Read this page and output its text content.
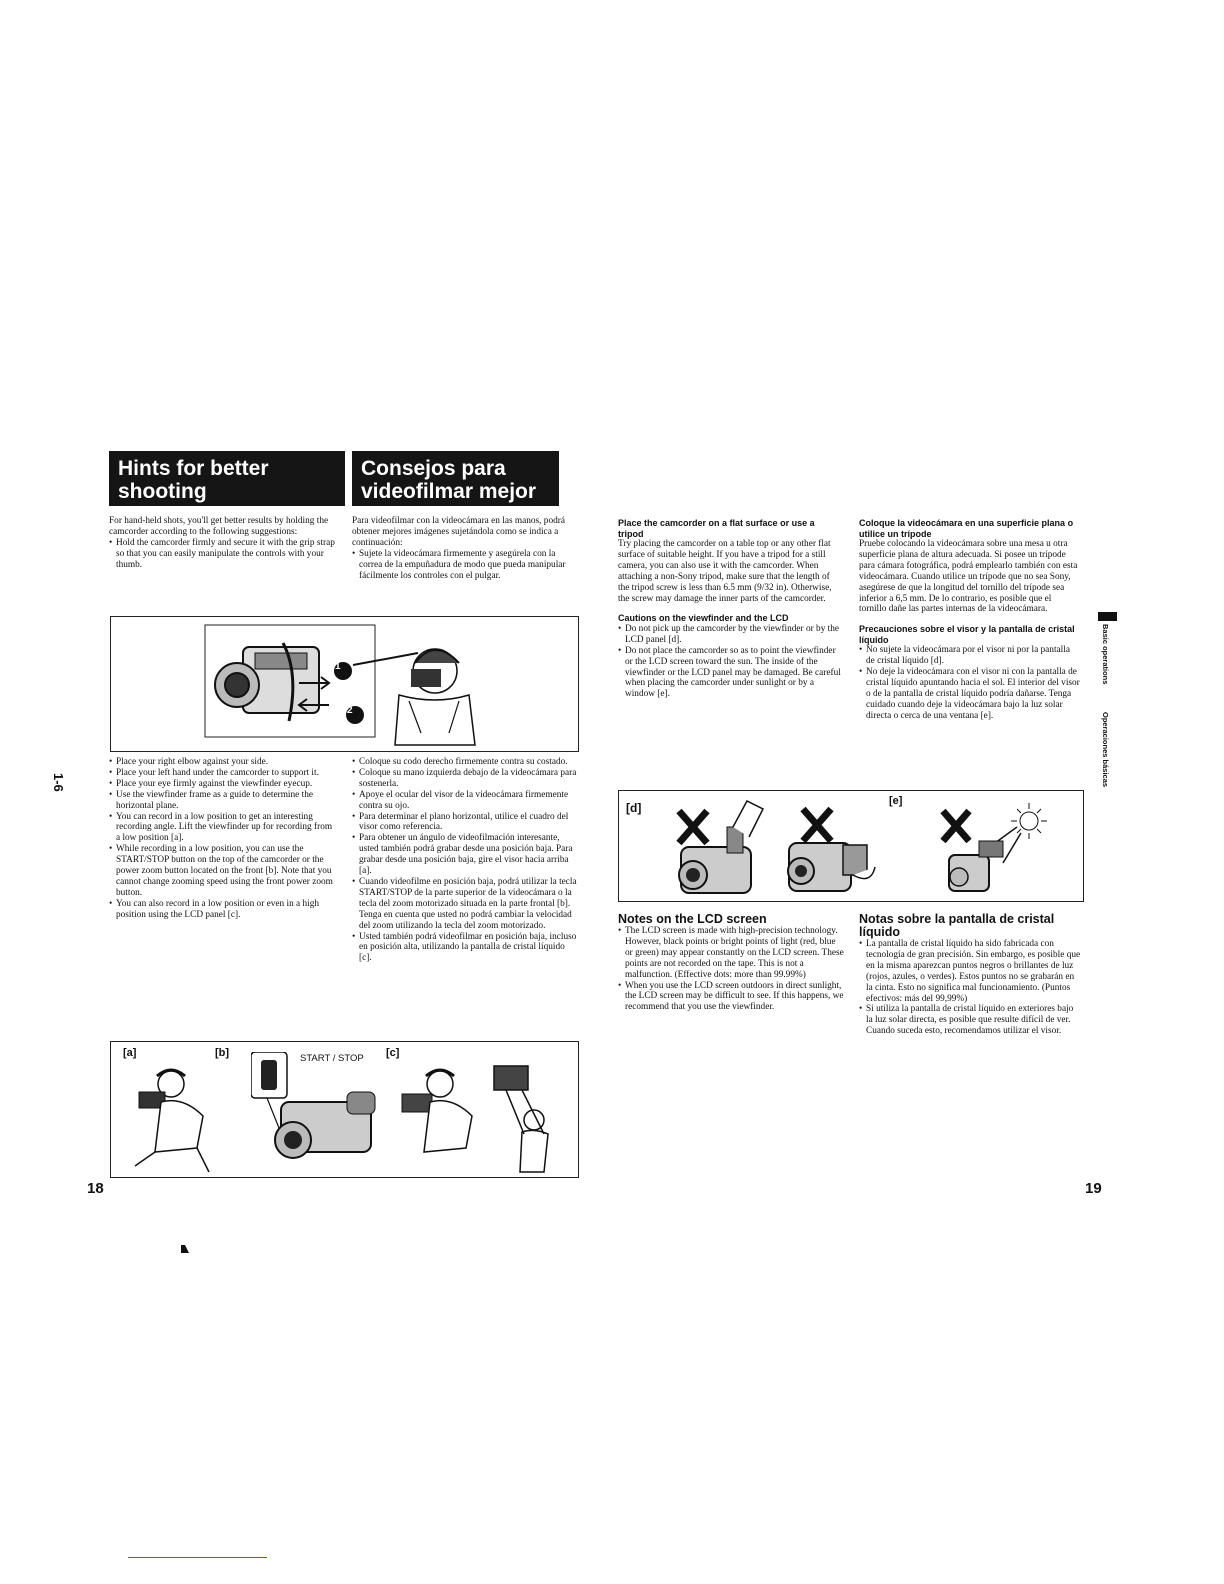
Hints for better
shooting
Consejos para
videofilmar mejor

For hand-held shots, you'll get better results by holding the camcorder according to the following suggestions:

• Hold the camcorder firmly and secure it with the grip strap so that you can easily manipulate the controls with your thumb.

Para videofilmar con la videocámara en las manos, podrá obtener mejores imágenes sujetándola como se indica a continuación:

• Sujete la videocámara firmemente y asegúrela con la correa de la empuñadura de modo que pueda manipular fácilmente los controles con el pulgar.
1
2
• Place your right elbow against your side.
• Place your left hand under the camcorder to support it.
• Place your eye firmly against the viewfinder eyecup.
• Use the viewfinder frame as a guide to determine the horizontal plane.
• You can record in a low position to get an interesting recording angle. Lift the viewfinder up for recording from a low position [a].
• While recording in a low position, you can use the START/STOP button on the top of the camcorder or the power zoom button located on the front [b]. Note that you cannot change zooming speed using the front power zoom button.
• You can also record in a low position or even in a high position using the LCD panel [c].
• Coloque su codo derecho firmemente contra su costado.
• Coloque su mano izquierda debajo de la videocámara para sostenerla.
• Apoye el ocular del visor de la videocámara firmemente contra su ojo.
• Para determinar el plano horizontal, utilice el cuadro del visor como referencia.
• Para obtener un ángulo de videofilmación interesante, usted también podrá grabar desde una posición baja. Para grabar desde una posición baja, gire el visor hacia arriba [a].
• Cuando videofilme en posición baja, podrá utilizar la tecla START/STOP de la parte superior de la videocámara o la tecla del zoom motorizado situada en la parte frontal [b]. Tenga en cuenta que usted no podrá cambiar la velocidad del zoom utilizando la tecla del zoom motorizado.
• Usted también podrá videofilmar en posición baja, incluso en posición alta, utilizando la pantalla de cristal líquido [c].
[a]	[b]	[c]
START / STOP
18
1-6

Place the camcorder on a flat surface or use a tripod

Try placing the camcorder on a table top or any other flat surface of suitable height. If you have a tripod for a still camera, you can also use it with the camcorder. When attaching a non-Sony tripod, make sure that the length of the tripod screw is less than 6.5 mm (9/32 in). Otherwise, the screw may damage the inner parts of the camcorder.

Cautions on the viewfinder and the LCD

• Do not pick up the camcorder by the viewfinder or by the LCD panel [d].
• Do not place the camcorder so as to point the viewfinder or the LCD screen toward the sun. The inside of the viewfinder or the LCD panel may be damaged. Be careful when placing the camcorder under sunlight or by a window [e].

Coloque la videocámara en una superficie plana o utilice un trípode

Pruebe colocando la videocámara sobre una mesa u otra superficie plana de altura adecuada. Si posee un trípode para cámara fotográfica, podrá emplearlo también con esta videocámara. Cuando utilice un trípode que no sea Sony, asegúrese de que la longitud del tornillo del trípode sea inferior a 6,5 mm. De lo contrario, es posible que el tornillo dañe las partes internas de la videocámara.

Precauciones sobre el visor y la pantalla de cristal líquido

• No sujete la videocámara por el visor ni por la pantalla de cristal líquido [d].
• No deje la videocámara con el visor ni con la pantalla de cristal líquido apuntando hacia el sol. El interior del visor o de la pantalla de cristal líquido podría dañarse. Tenga cuidado cuando deje la videocámara bajo la luz solar directa o cerca de una ventana [e].
[d]	[e]

Notes on the LCD screen

• The LCD screen is made with high-precision technology. However, black points or bright points of light (red, blue or green) may appear constantly on the LCD screen. These points are not recorded on the tape. This is not a malfunction. (Effective dots: more than 99.99%)
• When you use the LCD screen outdoors in direct sunlight, the LCD screen may be difficult to see. If this happens, we recommend that you use the viewfinder.

Notas sobre la pantalla de cristal líquido

• La pantalla de cristal líquido ha sido fabricada con tecnología de gran precisión. Sin embargo, es posible que en la misma aparezcan puntos negros o brillantes de luz (rojos, azules, o verdes). Estos puntos no se grabarán en la cinta. Esto no significa mal funcionamiento. (Puntos efectivos: más del 99,99%)
• Si utiliza la pantalla de cristal líquido en exteriores bajo la luz solar directa, es posible que resulte difícil de ver. Cuando suceda esto, recomendamos utilizar el visor.
Basic operations
Operaciones básicas
19
